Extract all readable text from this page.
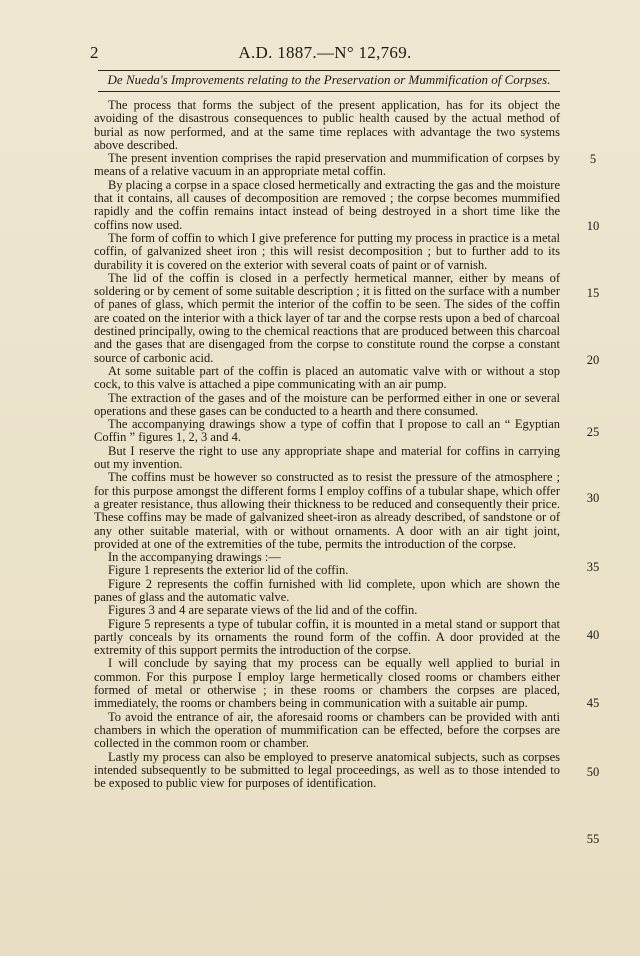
2	A.D. 1887.—N° 12,769.
De Nueda's Improvements relating to the Preservation or Mummification of Corpses.

The process that forms the subject of the present application, has for its object the avoiding of the disastrous consequences to public health caused by the actual method of burial as now performed, and at the same time replaces with advantage the two systems above described.

The present invention comprises the rapid preservation and mummification of corpses by means of a relative vacuum in an appropriate metal coffin.

By placing a corpse in a space closed hermetically and extracting the gas and the moisture that it contains, all causes of decomposition are removed ; the corpse becomes mummified rapidly and the coffin remains intact instead of being destroyed in a short time like the coffins now used.

The form of coffin to which I give preference for putting my process in practice is a metal coffin, of galvanized sheet iron ; this will resist decomposition ; but to further add to its durability it is covered on the exterior with several coats of paint or of varnish.

The lid of the coffin is closed in a perfectly hermetical manner, either by means of soldering or by cement of some suitable description ; it is fitted on the surface with a number of panes of glass, which permit the interior of the coffin to be seen. The sides of the coffin are coated on the interior with a thick layer of tar and the corpse rests upon a bed of charcoal destined principally, owing to the chemical reactions that are produced between this charcoal and the gases that are disengaged from the corpse to constitute round the corpse a constant source of carbonic acid.

At some suitable part of the coffin is placed an automatic valve with or without a stop cock, to this valve is attached a pipe communicating with an air pump.

The extraction of the gases and of the moisture can be performed either in one or several operations and these gases can be conducted to a hearth and there consumed.

The accompanying drawings show a type of coffin that I propose to call an “ Egyptian Coffin ” figures 1, 2, 3 and 4.

But I reserve the right to use any appropriate shape and material for coffins in carrying out my invention.

The coffins must be however so constructed as to resist the pressure of the atmosphere ; for this purpose amongst the different forms I employ coffins of a tubular shape, which offer a greater resistance, thus allowing their thickness to be reduced and consequently their price. These coffins may be made of galvanized sheet-iron as already described, of sandstone or of any other suitable material, with or without ornaments. A door with an air tight joint, provided at one of the extremities of the tube, permits the introduction of the corpse.

In the accompanying drawings :—

Figure 1 represents the exterior lid of the coffin.

Figure 2 represents the coffin furnished with lid complete, upon which are shown the panes of glass and the automatic valve.

Figures 3 and 4 are separate views of the lid and of the coffin.

Figure 5 represents a type of tubular coffin, it is mounted in a metal stand or support that partly conceals by its ornaments the round form of the coffin. A door provided at the extremity of this support permits the introduction of the corpse.

I will conclude by saying that my process can be equally well applied to burial in common. For this purpose I employ large hermetically closed rooms or chambers either formed of metal or otherwise ; in these rooms or chambers the corpses are placed, immediately, the rooms or chambers being in communication with a suitable air pump.

To avoid the entrance of air, the aforesaid rooms or chambers can be provided with anti chambers in which the operation of mummification can be effected, before the corpses are collected in the common room or chamber.

Lastly my process can also be employed to preserve anatomical subjects, such as corpses intended subsequently to be submitted to legal proceedings, as well as to those intended to be exposed to public view for purposes of identification.

5
10
15
20
25
30
35
40
45
50
55
